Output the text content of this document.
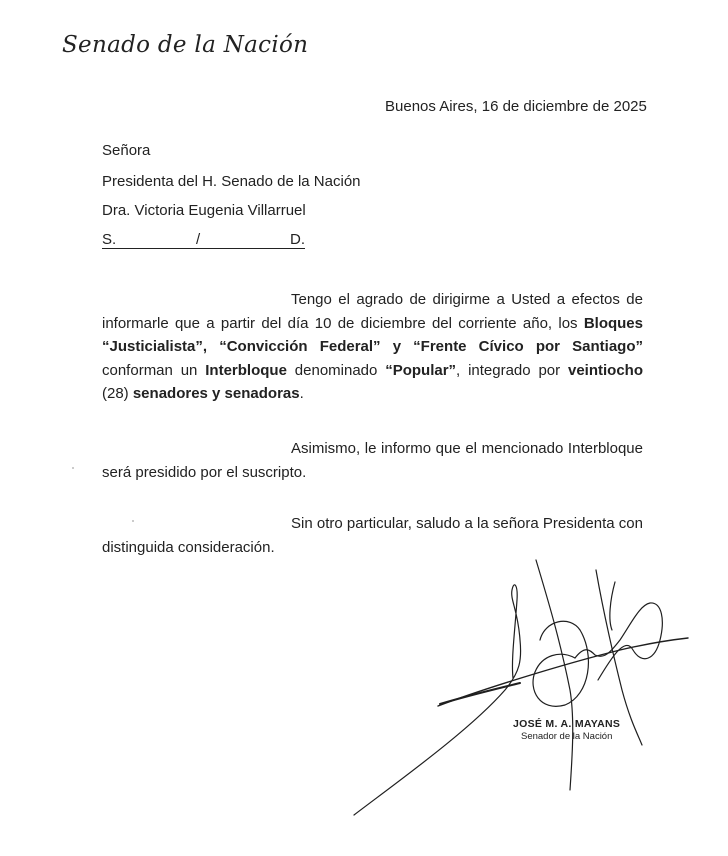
Senado de la Nación
Buenos Aires, 16 de diciembre de 2025
Señora
Presidenta del H. Senado de la Nación
Dra. Victoria Eugenia Villarruel
S.	/	D.
Tengo el agrado de dirigirme a Usted a efectos de informarle que a partir del día 10 de diciembre del corriente año, los Bloques “Justicialista”, “Convicción Federal” y “Frente Cívico por Santiago” conforman un Interbloque denominado “Popular”, integrado por veintiocho (28) senadores y senadoras.
Asimismo, le informo que el mencionado Interbloque será presidido por el suscripto.
Sin otro particular, saludo a la señora Presidenta con distinguida consideración.
JOSÉ M. A. MAYANS
Senador de la Nación
